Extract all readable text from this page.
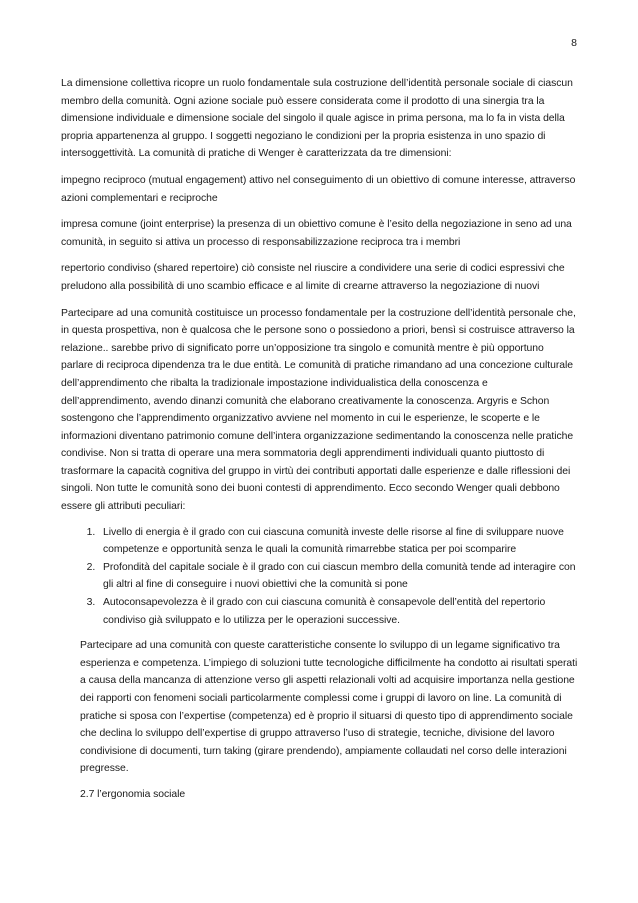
8

La dimensione collettiva ricopre un ruolo fondamentale sula costruzione dell’identità personale sociale di ciascun membro della comunità. Ogni azione sociale può essere considerata come il prodotto di una sinergia tra la dimensione individuale e dimensione sociale del singolo il quale agisce in prima persona, ma lo fa in vista della propria appartenenza al gruppo. I soggetti negoziano le condizioni per la propria esistenza in uno spazio di intersoggettività. La comunità di pratiche di Wenger è caratterizzata da tre dimensioni:

impegno reciproco (mutual engagement) attivo nel conseguimento di un obiettivo di comune interesse, attraverso azioni complementari e reciproche

impresa comune (joint enterprise) la presenza di un obiettivo comune è l’esito della negoziazione in seno ad una comunità, in seguito si attiva un processo di responsabilizzazione reciproca tra i membri

repertorio condiviso (shared repertoire) ciò consiste nel riuscire a condividere una serie di codici espressivi che preludono alla possibilità di uno scambio efficace e al limite di crearne attraverso la negoziazione di nuovi

Partecipare ad una comunità costituisce un processo fondamentale per la costruzione dell’identità personale che, in questa prospettiva, non è qualcosa che le persone sono o possiedono a priori, bensì si costruisce attraverso la relazione.. sarebbe privo di significato porre un’opposizione tra singolo e comunità mentre è più opportuno parlare di reciproca dipendenza tra le due entità. Le comunità di pratiche rimandano ad una concezione culturale dell’apprendimento che ribalta la tradizionale impostazione individualistica della conoscenza e dell’apprendimento, avendo dinanzi comunità che elaborano creativamente la conoscenza. Argyris e Schon sostengono che l’apprendimento organizzativo avviene nel momento in cui le esperienze, le scoperte e le informazioni diventano patrimonio comune dell’intera organizzazione sedimentando la conoscenza nelle pratiche condivise. Non si tratta di operare una mera sommatoria degli apprendimenti individuali quanto piuttosto di trasformare la capacità cognitiva del gruppo in virtù dei contributi apportati dalle esperienze e dalle riflessioni dei singoli. Non tutte le comunità sono dei buoni contesti di apprendimento. Ecco secondo Wenger quali debbono essere gli attributi peculiari:

1. Livello di energia è il grado con cui ciascuna comunità investe delle risorse al fine di sviluppare nuove competenze e opportunità senza le quali la comunità rimarrebbe statica per poi scomparire
2. Profondità del capitale sociale è il grado con cui ciascun membro della comunità tende ad interagire con gli altri al fine di conseguire i nuovi obiettivi che la comunità si pone
3. Autoconsapevolezza è il grado con cui ciascuna comunità è consapevole dell’entità del repertorio condiviso già sviluppato e lo utilizza per le operazioni successive.

Partecipare ad una comunità con queste caratteristiche consente lo sviluppo di un legame significativo tra esperienza e competenza. L’impiego di soluzioni tutte tecnologiche difficilmente ha condotto ai risultati sperati a causa della mancanza di attenzione verso gli aspetti relazionali volti ad acquisire importanza nella gestione dei rapporti con fenomeni sociali particolarmente complessi come i gruppi di lavoro on line. La comunità di pratiche si sposa con l’expertise (competenza) ed è proprio il situarsi di questo tipo di apprendimento sociale che declina lo sviluppo dell’expertise di gruppo attraverso l’uso di strategie, tecniche, divisione del lavoro condivisione di documenti, turn taking (girare prendendo), ampiamente collaudati nel corso delle interazioni pregresse.

2.7 l’ergonomia sociale
